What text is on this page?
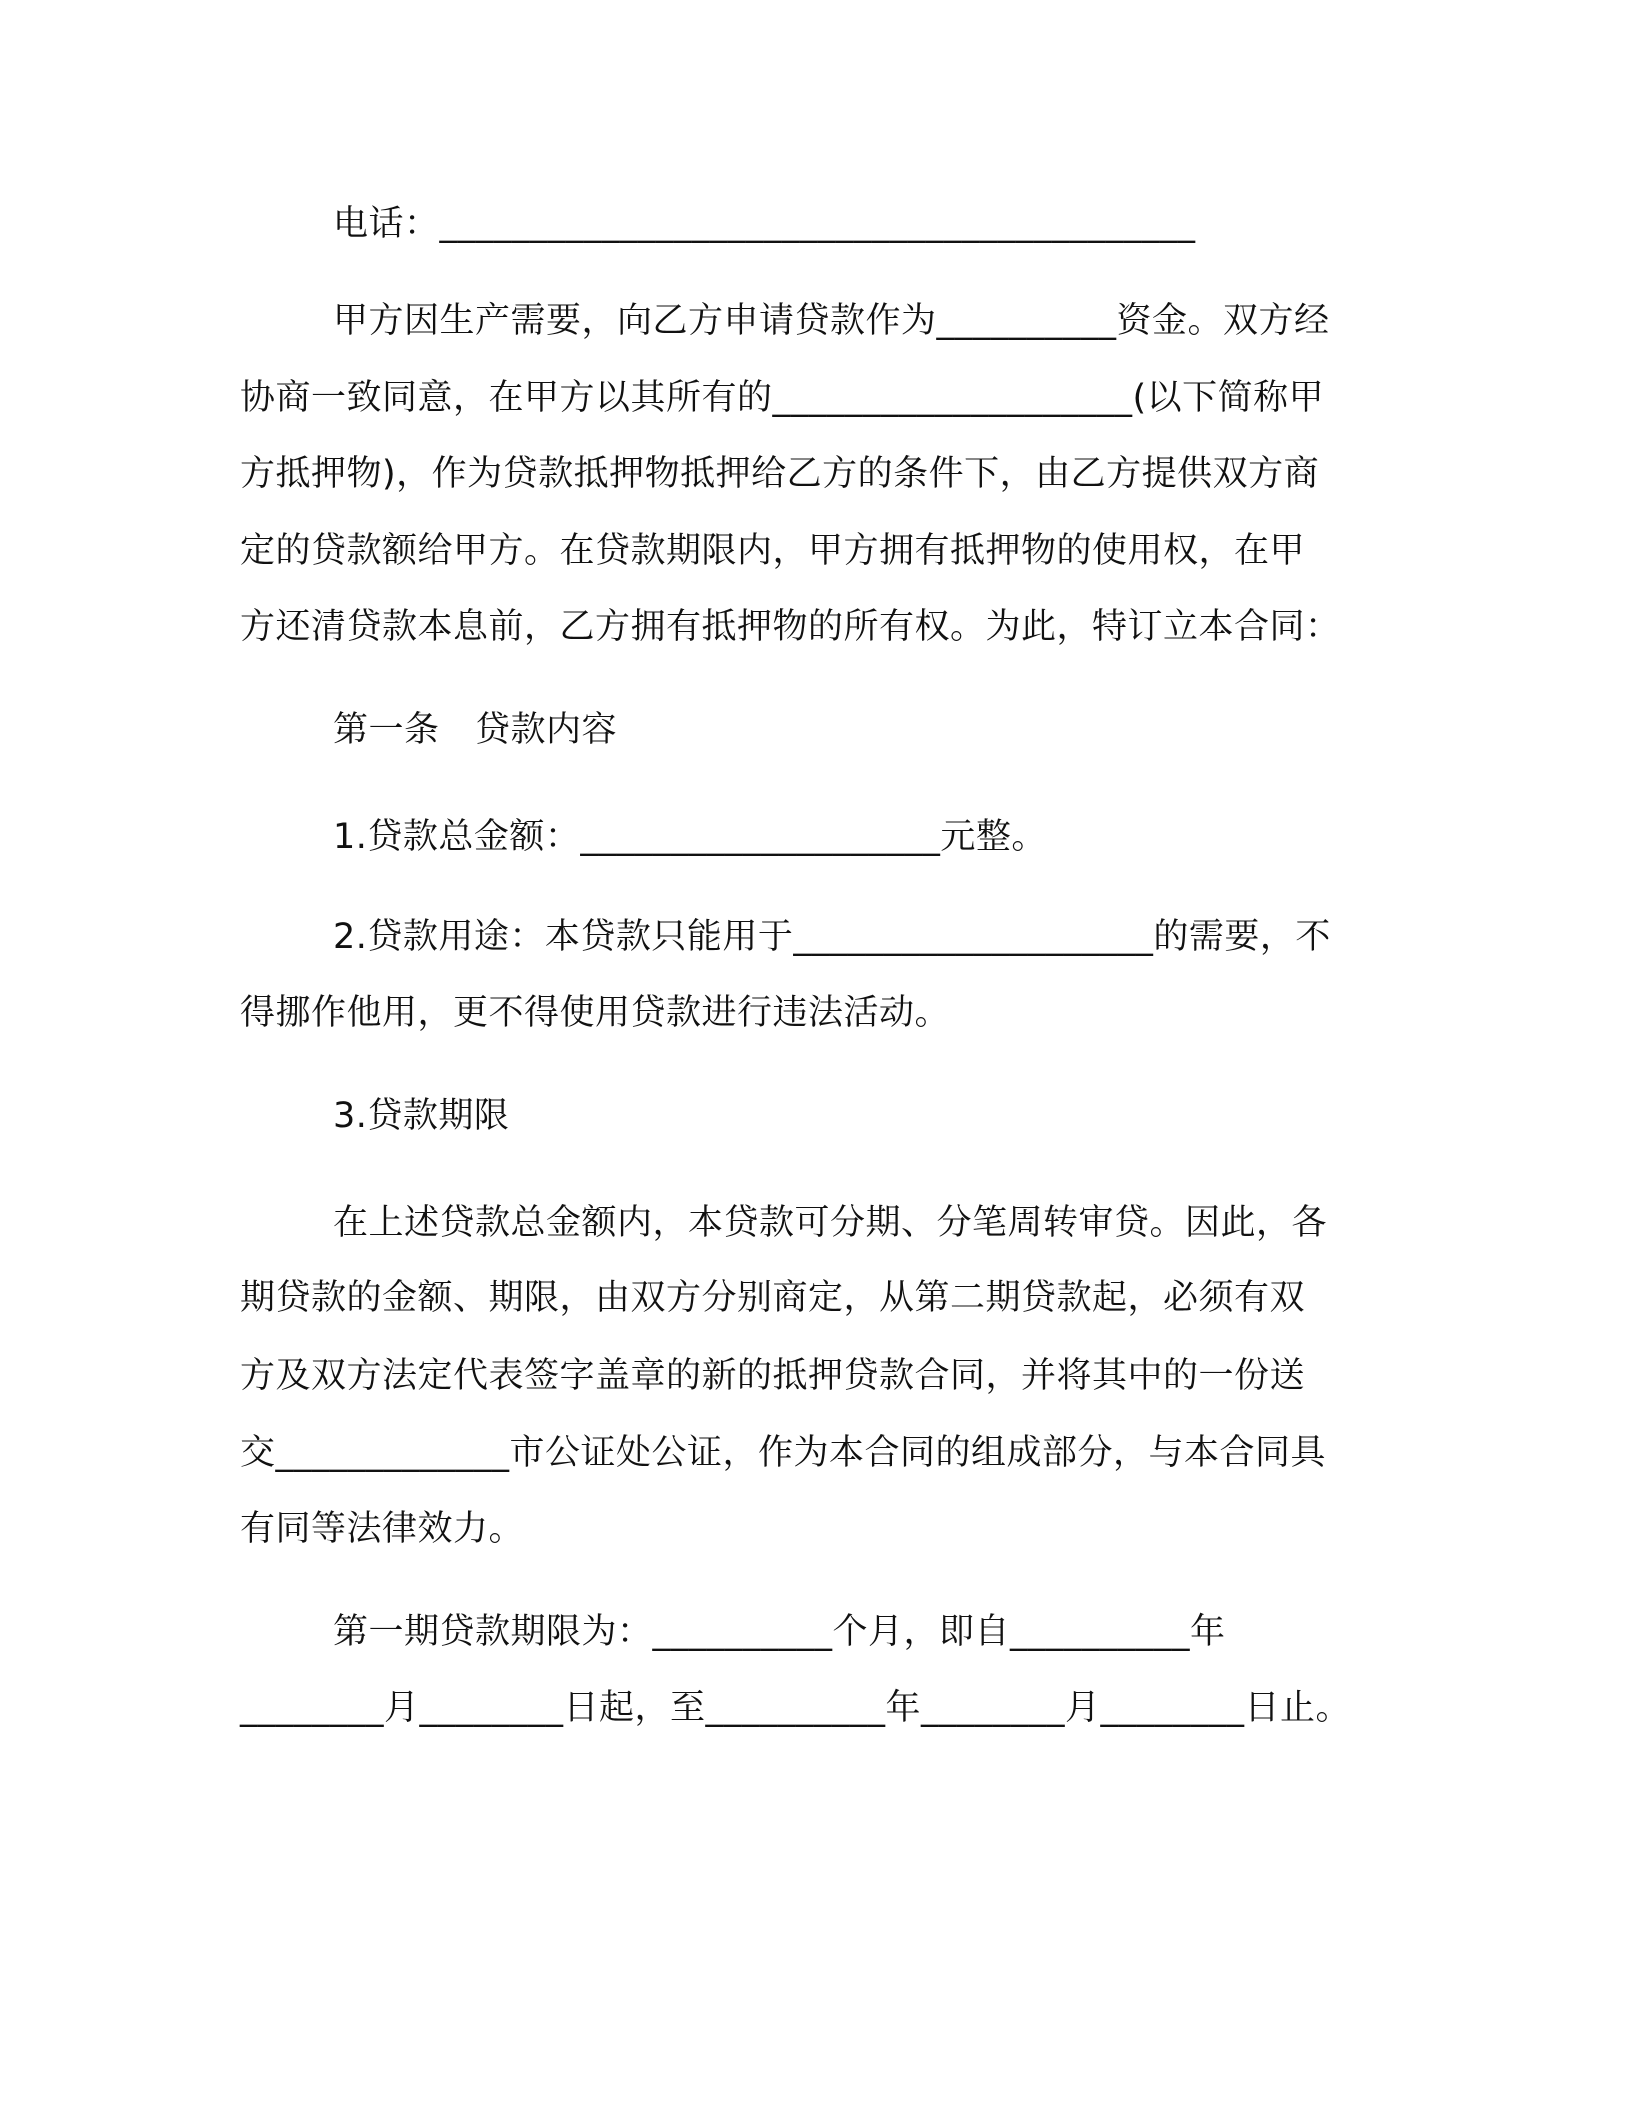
电话：__________________________________________
甲方因生产需要，向乙方申请贷款作为__________资金。双方经
协商一致同意，在甲方以其所有的____________________(以下简称甲
方抵押物)，作为贷款抵押物抵押给乙方的条件下，由乙方提供双方商
定的贷款额给甲方。在贷款期限内，甲方拥有抵押物的使用权，在甲
方还清贷款本息前，乙方拥有抵押物的所有权。为此，特订立本合同：
第一条　贷款内容
1.贷款总金额：____________________元整。
2.贷款用途：本贷款只能用于____________________的需要，不
得挪作他用，更不得使用贷款进行违法活动。
3.贷款期限
在上述贷款总金额内，本贷款可分期、分笔周转审贷。因此，各
期贷款的金额、期限，由双方分别商定，从第二期贷款起，必须有双
方及双方法定代表签字盖章的新的抵押贷款合同，并将其中的一份送
交_____________市公证处公证，作为本合同的组成部分，与本合同具
有同等法律效力。
第一期贷款期限为：__________个月，即自__________年
________月________日起，至__________年________月________日止。
